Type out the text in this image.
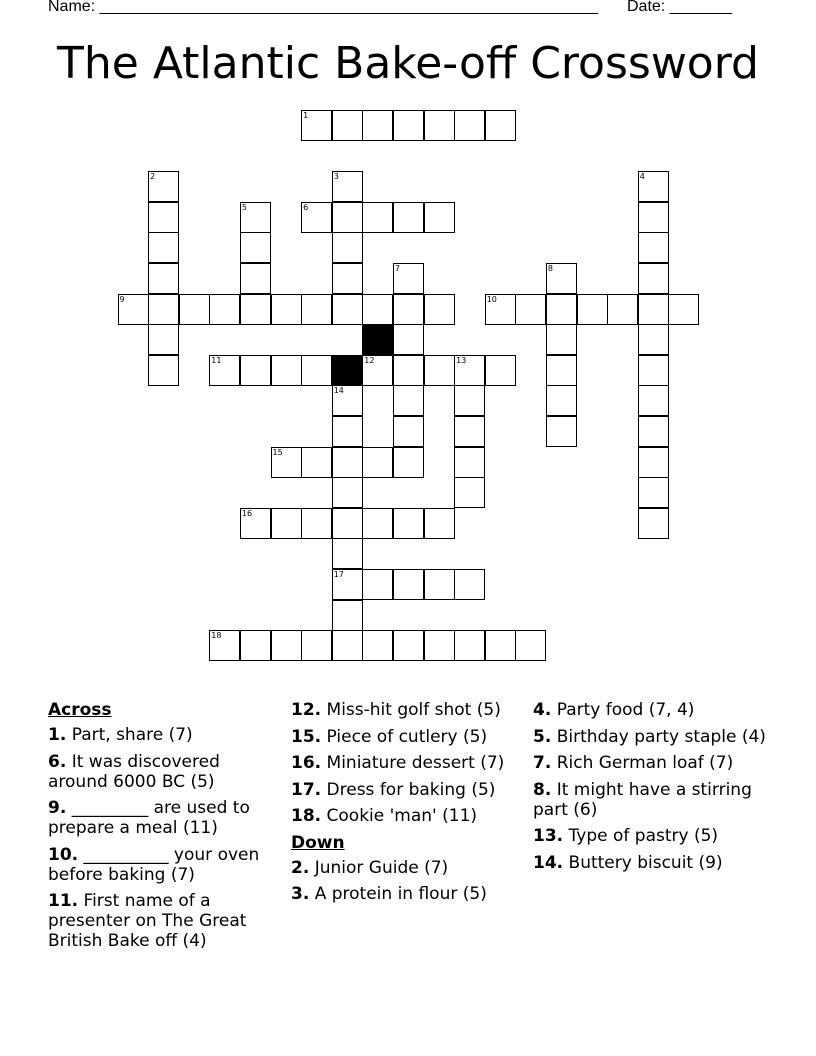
Name: ________________________________________________________ Date: _______
The Atlantic Bake-off Crossword
1
6
9	10
11	12	13
15
16
17
18
2	3	4
5
7	8
14
Across
1. Part, share (7)
6. It was discovered around 6000 BC (5)
9. _________ are used to prepare a meal (11)
10. __________ your oven before baking (7)
11. First name of a presenter on The Great British Bake off (4)
12. Miss-hit golf shot (5)
15. Piece of cutlery (5)
16. Miniature dessert (7)
17. Dress for baking (5)
18. Cookie 'man' (11)
Down
2. Junior Guide (7)
3. A protein in flour (5)
4. Party food (7, 4)
5. Birthday party staple (4)
7. Rich German loaf (7)
8. It might have a stirring part (6)
13. Type of pastry (5)
14. Buttery biscuit (9)
